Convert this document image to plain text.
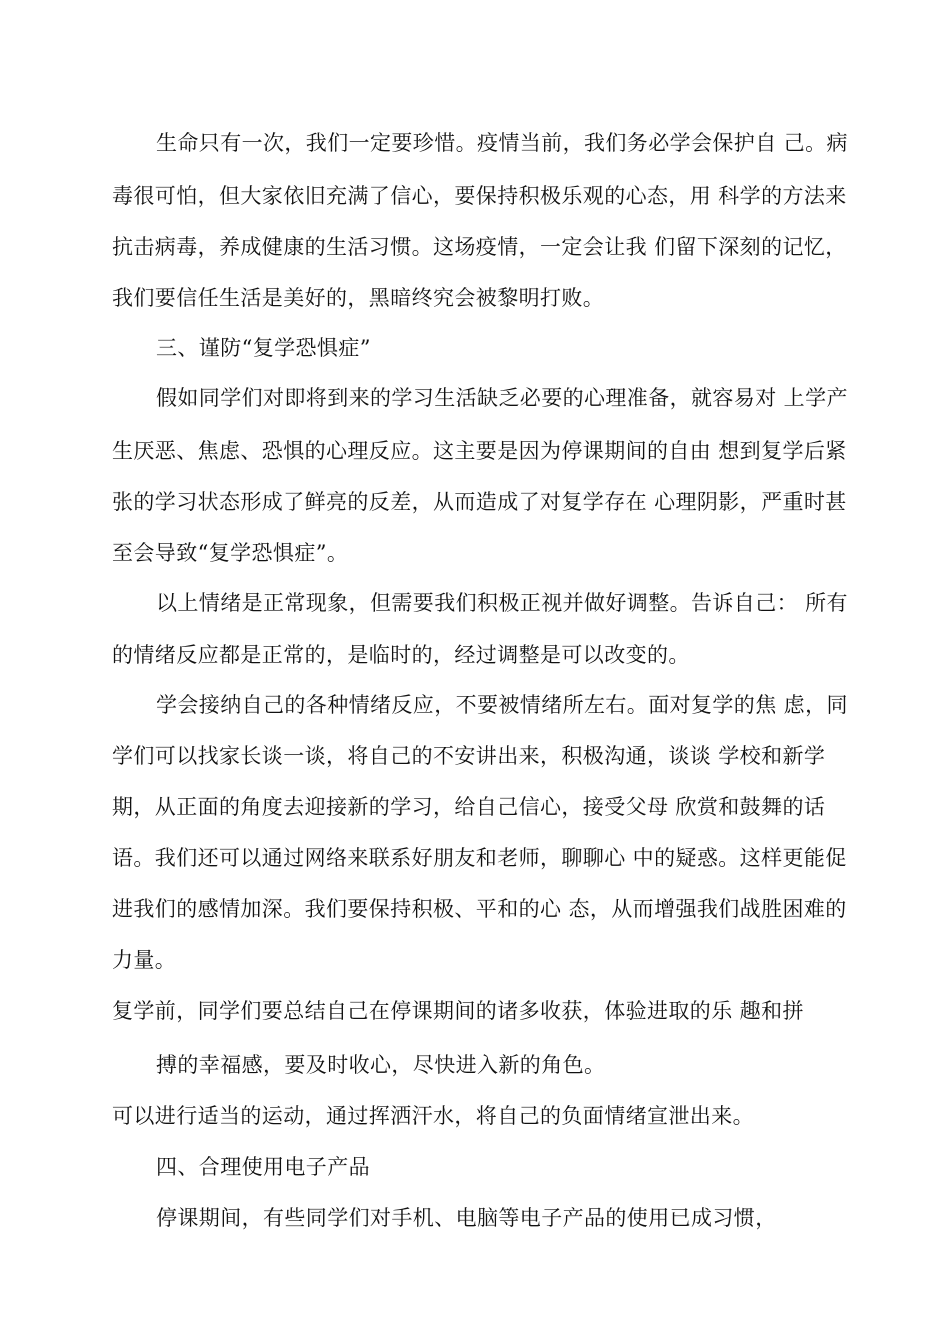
生命只有一次，我们一定要珍惜。疫情当前，我们务必学会保护自 己。病
毒很可怕，但大家依旧充满了信心，要保持积极乐观的心态，用 科学的方法来
抗击病毒，养成健康的生活习惯。这场疫情，一定会让我 们留下深刻的记忆，
我们要信任生活是美好的，黑暗终究会被黎明打败。
三、谨防“复学恐惧症”
假如同学们对即将到来的学习生活缺乏必要的心理准备，就容易对 上学产
生厌恶、焦虑、恐惧的心理反应。这主要是因为停课期间的自由 想到复学后紧
张的学习状态形成了鲜亮的反差，从而造成了对复学存在 心理阴影，严重时甚
至会导致“复学恐惧症”。
以上情绪是正常现象，但需要我们积极正视并做好调整。告诉自己： 所有
的情绪反应都是正常的，是临时的，经过调整是可以改变的。
学会接纳自己的各种情绪反应，不要被情绪所左右。面对复学的焦 虑，同
学们可以找家长谈一谈，将自己的不安讲出来，积极沟通，谈谈 学校和新学
期，从正面的角度去迎接新的学习，给自己信心，接受父母 欣赏和鼓舞的话
语。我们还可以通过网络来联系好朋友和老师，聊聊心 中的疑惑。这样更能促
进我们的感情加深。我们要保持积极、平和的心 态，从而增强我们战胜困难的
力量。
复学前，同学们要总结自己在停课期间的诸多收获，体验进取的乐 趣和拼
搏的幸福感，要及时收心，尽快进入新的角色。
可以进行适当的运动，通过挥洒汗水，将自己的负面情绪宣泄出来。
四、合理使用电子产品
停课期间，有些同学们对手机、电脑等电子产品的使用已成习惯，
